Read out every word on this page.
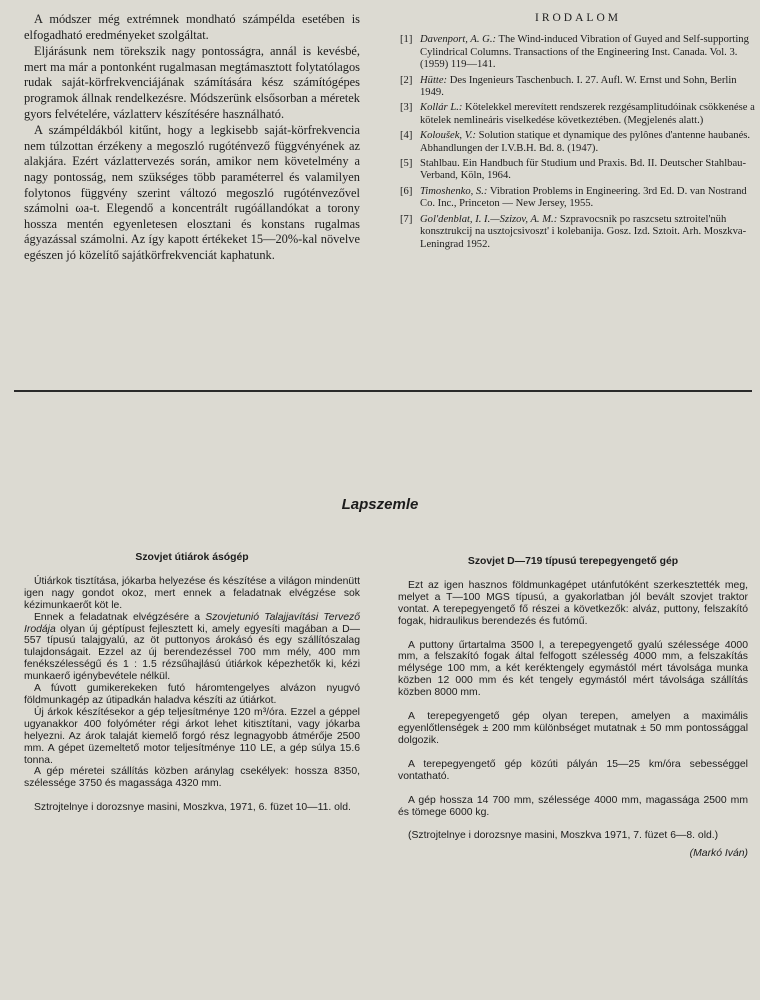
A módszer még extrémnek mondható számpélda esetében is elfogadható eredményeket szolgáltat.

Eljárásunk nem törekszik nagy pontosságra, annál is kevésbé, mert ma már a pontonként rugalmasan megtámasztott folytatólagos rudak saját-körfrekvenciájának számítására kész számítógépes programok állnak rendelkezésre. Módszerünk elsősorban a méretek gyors felvételére, vázlatterv készítésére használható.

A számpéldákból kitűnt, hogy a legkisebb saját-körfrekvencia nem túlzottan érzékeny a megoszló rugóténvező függvényének az alakjára. Ezért vázlattervezés során, amikor nem követelmény a nagy pontosság, nem szükséges több paraméterrel és valamilyen folytonos függvény szerint változó megoszló rugóténvezővel számolni ωa-t. Elegendő a koncentrált rugóállandókat a torony hossza mentén egyenletesen elosztani és konstans rugalmas ágyazással számolni. Az így kapott értékeket 15—20%-kal növelve egészen jó közelítő sajátkörfrekvenciát kaphatunk.

IRODALOM
[1] Davenport, A. G.: The Wind-induced Vibration of Guyed and Self-supporting Cylindrical Columns. Transactions of the Engineering Inst. Canada. Vol. 3. (1959) 119—141.
[2] Hütte: Des Ingenieurs Taschenbuch. I. 27. Aufl. W. Ernst und Sohn, Berlin 1949.
[3] Kollár L.: Kötelekkel merevített rendszerek rezgésamplitudóinak csökkenése a kötelek nemlineáris viselkedése következtében. (Megjelenés alatt.)
[4] Koloušek, V.: Solution statique et dynamique des pylônes d'antenne haubanés. Abhandlungen der I.V.B.H. Bd. 8. (1947).
[5] Stahlbau. Ein Handbuch für Studium und Praxis. Bd. II. Deutscher Stahlbau-Verband, Köln, 1964.
[6] Timoshenko, S.: Vibration Problems in Engineering. 3rd Ed. D. van Nostrand Co. Inc., Princeton — New Jersey, 1955.
[7] Gol'denblat, I. I.—Szizov, A. M.: Szpravocsnik po raszcsetu sztroitel'nüh konsztrukcij na usztojcsivoszt' i kolebanija. Gosz. Izd. Sztoit. Arh. Moszkva-Leningrad 1952.
Lapszemle
Szovjet útiárok ásógép

Útiárkok tisztítása, jókarba helyezése és készítése a világon mindenütt igen nagy gondot okoz, mert ennek a feladatnak elvégzése sok kézimunkaerőt köt le.

Ennek a feladatnak elvégzésére a Szovjetunió Talajjavítási Tervező Irodája olyan új géptípust fejlesztett ki, amely egyesíti magában a D—557 típusú talajgyalú, az öt puttonyos árokásó és egy szállítószalag tulajdonságait. Ezzel az új berendezéssel 700 mm mély, 400 mm fenékszélességű és 1 : 1.5 rézsűhajlású útiárkok képezhetők ki, kézi munkaerő igénybevétele nélkül.

A fúvott gumikerekeken futó háromtengelyes alvázon nyugvó földmunkagép az útipadkán haladva készíti az útiárkot.

Új árkok készítésekor a gép teljesítménye 120 m³/óra. Ezzel a géppel ugyanakkor 400 folyóméter régi árkot lehet kitisztítani, vagy jókarba helyezni. Az árok talaját kiemelő forgó rész legnagyobb átmérője 2500 mm. A gépet üzemeltető motor teljesítménye 110 LE, a gép súlya 15.6 tonna.

A gép méretei szállítás közben aránylag csekélyek: hossza 8350, szélessége 3750 és magassága 4320 mm.

Sztrojtelnye i dorozsnye masini, Moszkva, 1971, 6. füzet 10—11. old.

Szovjet D—719 típusú terepegyengető gép

Ezt az igen hasznos földmunkagépet utánfutóként szerkesztették meg, melyet a T—100 MGS típusú, a gyakorlatban jól bevált szovjet traktor vontat. A terepegyengető fő részei a következők: alváz, puttony, felszakító fogak, hidraulikus berendezés és futómű.

A puttony űrtartalma 3500 l, a terepegyengető gyalú szélessége 4000 mm, a felszakító fogak által felfogott szélesség 4000 mm, a felszakítás mélysége 100 mm, a két keréktengely egymástól mért távolsága munka közben 12 000 mm és két tengely egymástól mért távolsága szállítás közben 8000 mm.

A terepegyengető gép olyan terepen, amelyen a maximális egyenlőtlenségek ± 200 mm különbséget mutatnak ± 50 mm pontossággal dolgozik.

A terepegyengető gép közúti pályán 15—25 km/óra sebességgel vontatható.

A gép hossza 14 700 mm, szélessége 4000 mm, magassága 2500 mm és tömege 6000 kg.

(Sztrojtelnye i dorozsnye masini, Moszkva 1971, 7. füzet 6—8. old.)

(Markó Iván)
